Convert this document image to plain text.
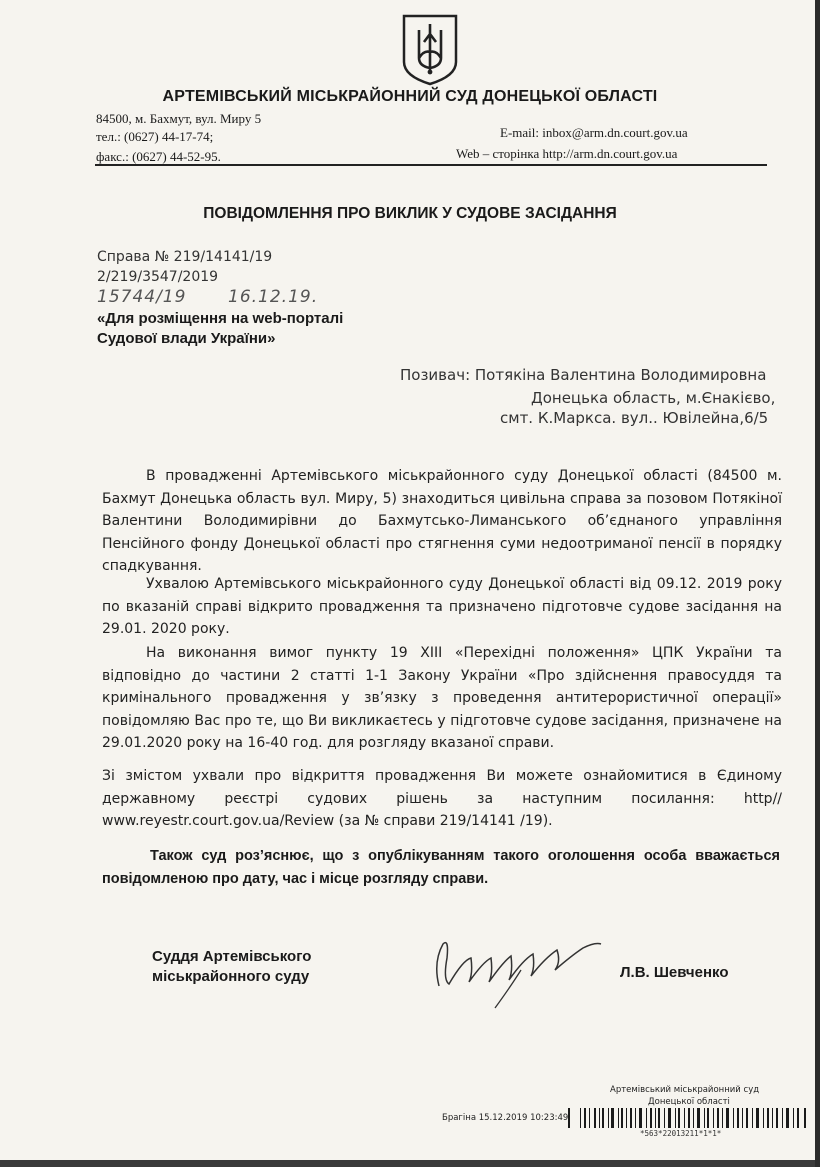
АРТЕМІВСЬКИЙ МІСЬКРАЙОННИЙ СУД ДОНЕЦЬКОЇ ОБЛАСТІ
84500, м. Бахмут, вул. Миру 5
тел.: (0627) 44-17-74;
факс.: (0627) 44-52-95.
E-mail: inbox@arm.dn.court.gov.ua
Web – сторінка http://arm.dn.court.gov.ua
ПОВІДОМЛЕННЯ ПРО ВИКЛИК У СУДОВЕ ЗАСІДАННЯ
Справа № 219/14141/19
2/219/3547/2019
15744/19 16.12.19.
«Для розміщення на web-порталі
Судової влади України»
Позивач: Потякіна Валентина Володимировна
Донецька область, м.Єнакієво,
смт. К.Маркса. вул.. Ювілейна,6/5

В провадженні Артемівського міськрайонного суду Донецької області (84500 м. Бахмут Донецька область вул. Миру, 5) знаходиться цивільна справа за позовом Потякіної Валентини Володимирівни до Бахмутсько-Лиманського об’єднаного управління Пенсійного фонду Донецької області про стягнення суми недоотриманої пенсії в порядку спадкування.

Ухвалою Артемівського міськрайонного суду Донецької області від 09.12. 2019 року по вказаній справі відкрито провадження та призначено підготовче судове засідання на 29.01. 2020 року.

На виконання вимог пункту 19 ХІІІ «Перехідні положення» ЦПК України та відповідно до частини 2 статті 1-1 Закону України «Про здійснення правосуддя та кримінального провадження у зв’язку з проведення антитерористичної операції» повідомляю Вас про те, що Ви викликаєтесь у підготовче судове засідання, призначене на 29.01.2020 року на 16-40 год. для розгляду вказаної справи.

Зі змістом ухвали про відкриття провадження Ви можете ознайомитися в Єдиному державному реєстрі судових рішень за наступним посилання: http// www.reyestr.court.gov.ua/Review (за № справи 219/14141 /19).

Також суд роз’яснює, що з опублікуванням такого оголошення особа вважається повідомленою про дату, час і місце розгляду справи.

Суддя Артемівського
міськрайонного суду	Л.В. Шевченко
Артемівський міськрайонний суд
Донецької області
Брагіна 15.12.2019 10:23:49
*563*22013211*1*1*
